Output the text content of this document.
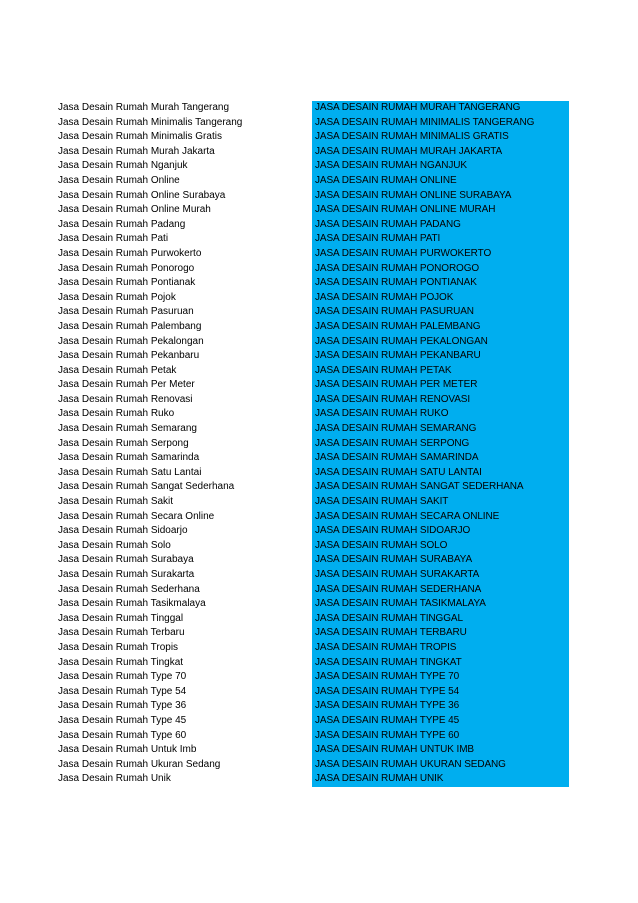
Jasa Desain Rumah Murah Tangerang
Jasa Desain Rumah Minimalis Tangerang
Jasa Desain Rumah Minimalis Gratis
Jasa Desain Rumah Murah Jakarta
Jasa Desain Rumah Nganjuk
Jasa Desain Rumah Online
Jasa Desain Rumah Online Surabaya
Jasa Desain Rumah Online Murah
Jasa Desain Rumah Padang
Jasa Desain Rumah Pati
Jasa Desain Rumah Purwokerto
Jasa Desain Rumah Ponorogo
Jasa Desain Rumah Pontianak
Jasa Desain Rumah Pojok
Jasa Desain Rumah Pasuruan
Jasa Desain Rumah Palembang
Jasa Desain Rumah Pekalongan
Jasa Desain Rumah Pekanbaru
Jasa Desain Rumah Petak
Jasa Desain Rumah Per Meter
Jasa Desain Rumah Renovasi
Jasa Desain Rumah Ruko
Jasa Desain Rumah Semarang
Jasa Desain Rumah Serpong
Jasa Desain Rumah Samarinda
Jasa Desain Rumah Satu Lantai
Jasa Desain Rumah Sangat Sederhana
Jasa Desain Rumah Sakit
Jasa Desain Rumah Secara Online
Jasa Desain Rumah Sidoarjo
Jasa Desain Rumah Solo
Jasa Desain Rumah Surabaya
Jasa Desain Rumah Surakarta
Jasa Desain Rumah Sederhana
Jasa Desain Rumah Tasikmalaya
Jasa Desain Rumah Tinggal
Jasa Desain Rumah Terbaru
Jasa Desain Rumah Tropis
Jasa Desain Rumah Tingkat
Jasa Desain Rumah Type 70
Jasa Desain Rumah Type 54
Jasa Desain Rumah Type 36
Jasa Desain Rumah Type 45
Jasa Desain Rumah Type 60
Jasa Desain Rumah Untuk Imb
Jasa Desain Rumah Ukuran Sedang
Jasa Desain Rumah Unik
JASA DESAIN RUMAH MURAH TANGERANG
JASA DESAIN RUMAH MINIMALIS TANGERANG
JASA DESAIN RUMAH MINIMALIS GRATIS
JASA DESAIN RUMAH MURAH JAKARTA
JASA DESAIN RUMAH NGANJUK
JASA DESAIN RUMAH ONLINE
JASA DESAIN RUMAH ONLINE SURABAYA
JASA DESAIN RUMAH ONLINE MURAH
JASA DESAIN RUMAH PADANG
JASA DESAIN RUMAH PATI
JASA DESAIN RUMAH PURWOKERTO
JASA DESAIN RUMAH PONOROGO
JASA DESAIN RUMAH PONTIANAK
JASA DESAIN RUMAH POJOK
JASA DESAIN RUMAH PASURUAN
JASA DESAIN RUMAH PALEMBANG
JASA DESAIN RUMAH PEKALONGAN
JASA DESAIN RUMAH PEKANBARU
JASA DESAIN RUMAH PETAK
JASA DESAIN RUMAH PER METER
JASA DESAIN RUMAH RENOVASI
JASA DESAIN RUMAH RUKO
JASA DESAIN RUMAH SEMARANG
JASA DESAIN RUMAH SERPONG
JASA DESAIN RUMAH SAMARINDA
JASA DESAIN RUMAH SATU LANTAI
JASA DESAIN RUMAH SANGAT SEDERHANA
JASA DESAIN RUMAH SAKIT
JASA DESAIN RUMAH SECARA ONLINE
JASA DESAIN RUMAH SIDOARJO
JASA DESAIN RUMAH SOLO
JASA DESAIN RUMAH SURABAYA
JASA DESAIN RUMAH SURAKARTA
JASA DESAIN RUMAH SEDERHANA
JASA DESAIN RUMAH TASIKMALAYA
JASA DESAIN RUMAH TINGGAL
JASA DESAIN RUMAH TERBARU
JASA DESAIN RUMAH TROPIS
JASA DESAIN RUMAH TINGKAT
JASA DESAIN RUMAH TYPE 70
JASA DESAIN RUMAH TYPE 54
JASA DESAIN RUMAH TYPE 36
JASA DESAIN RUMAH TYPE 45
JASA DESAIN RUMAH TYPE 60
JASA DESAIN RUMAH UNTUK IMB
JASA DESAIN RUMAH UKURAN SEDANG
JASA DESAIN RUMAH UNIK
